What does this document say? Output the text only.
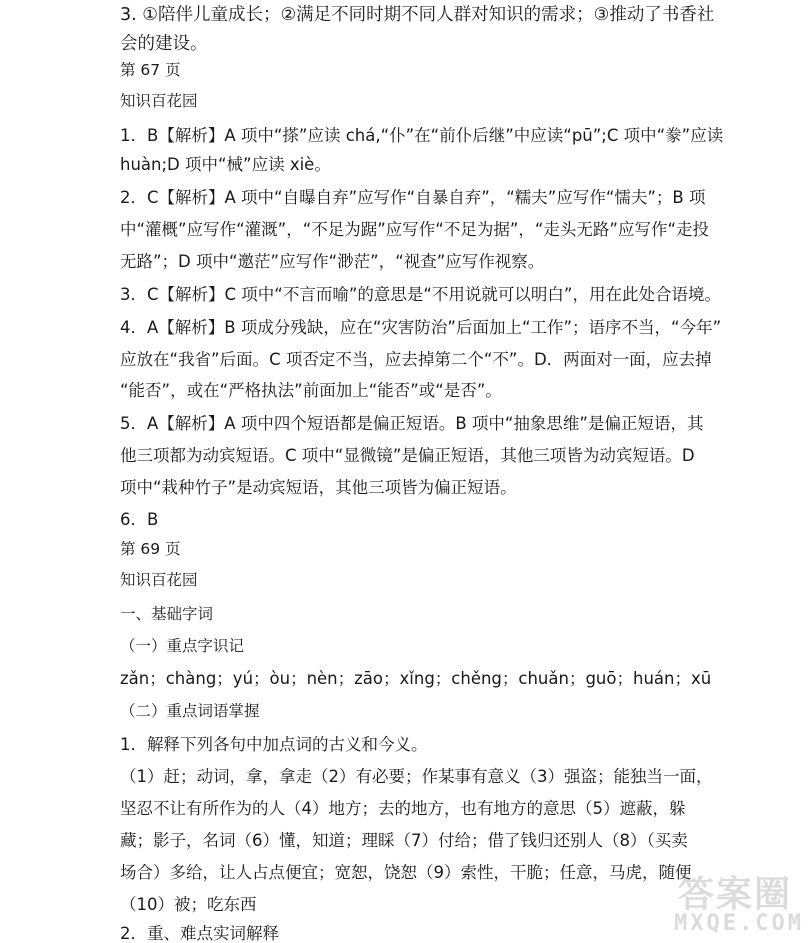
3. ①陪伴儿童成长；②满足不同时期不同人群对知识的需求；③推动了书香社
会的建设。
第 67 页
知识百花园
1．B【解析】A 项中“搽”应读 chá,“仆”在“前仆后继”中应读“pū”;C 项中“豢”应读
huàn;D 项中“械”应读 xiè。
2．C【解析】A 项中“自曝自弃”应写作“自暴自弃”，“糯夫”应写作“懦夫”；B 项
中“灌概”应写作“灌溉”，“不足为踞”应写作“不足为据”，“走头无路”应写作“走投
无路”；D 项中“邀茫”应写作“渺茫”，“视查”应写作视察。
3．C【解析】C 项中“不言而喻”的意思是“不用说就可以明白”，用在此处合语境。
4．A【解析】B 项成分残缺，应在“灾害防治”后面加上“工作”；语序不当，“今年”
应放在“我省”后面。C 项否定不当，应去掉第二个“不”。D．两面对一面，应去掉
“能否”，或在“严格执法”前面加上“能否”或“是否”。
5．A【解析】A 项中四个短语都是偏正短语。B 项中“抽象思维”是偏正短语，其
他三项都为动宾短语。C 项中“显微镜”是偏正短语，其他三项皆为动宾短语。D
项中“栽种竹子”是动宾短语，其他三项皆为偏正短语。
6．B
第 69 页
知识百花园
一、基础字词
（一）重点字识记
zǎn；chàng；yú；òu；nèn；zāo；xǐng；chěng；chuǎn；guō；huán；xū
（二）重点词语掌握
1．解释下列各句中加点词的古义和今义。
（1）赶；动词，拿，拿走（2）有必要；作某事有意义（3）强盗；能独当一面，
坚忍不让有所作为的人（4）地方；去的地方，也有地方的意思（5）遮蔽，躲
藏；影子，名词（6）懂，知道；理睬（7）付给；借了钱归还别人（8）（买卖
场合）多给，让人占点便宜；宽恕，饶恕（9）索性，干脆；任意，马虎，随便
（10）被；吃东西
2．重、难点实词解释
答案圈
MXQE.COM
